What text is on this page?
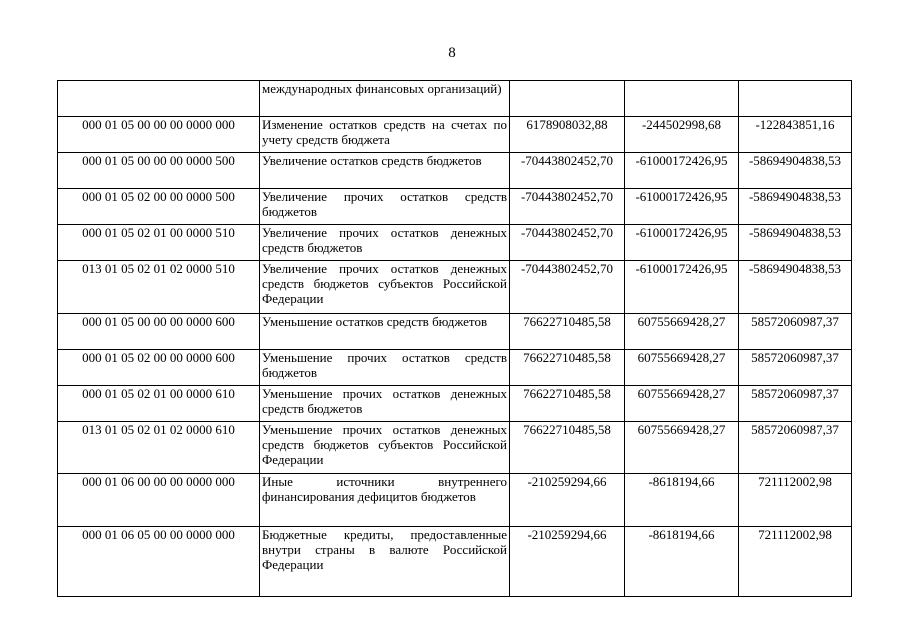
8
	международных финансовых организаций)			
000 01 05 00 00 00 0000 000	Изменение остатков средств на счетах по учету средств бюджета	6178908032,88	-244502998,68	-122843851,16
000 01 05 00 00 00 0000 500	Увеличение остатков средств бюджетов	-70443802452,70	-61000172426,95	-58694904838,53
000 01 05 02 00 00 0000 500	Увеличение прочих остатков средств бюджетов	-70443802452,70	-61000172426,95	-58694904838,53
000 01 05 02 01 00 0000 510	Увеличение прочих остатков денежных средств бюджетов	-70443802452,70	-61000172426,95	-58694904838,53
013 01 05 02 01 02 0000 510	Увеличение прочих остатков денежных средств бюджетов субъектов Российской Федерации	-70443802452,70	-61000172426,95	-58694904838,53
000 01 05 00 00 00 0000 600	Уменьшение остатков средств бюджетов	76622710485,58	60755669428,27	58572060987,37
000 01 05 02 00 00 0000 600	Уменьшение прочих остатков средств бюджетов	76622710485,58	60755669428,27	58572060987,37
000 01 05 02 01 00 0000 610	Уменьшение прочих остатков денежных средств бюджетов	76622710485,58	60755669428,27	58572060987,37
013 01 05 02 01 02 0000 610	Уменьшение прочих остатков денежных средств бюджетов субъектов Российской Федерации	76622710485,58	60755669428,27	58572060987,37
000 01 06 00 00 00 0000 000	Иные источники внутреннего финансирования дефицитов бюджетов	-210259294,66	-8618194,66	721112002,98
000 01 06 05 00 00 0000 000	Бюджетные кредиты, предоставленные внутри страны в валюте Российской Федерации	-210259294,66	-8618194,66	721112002,98
